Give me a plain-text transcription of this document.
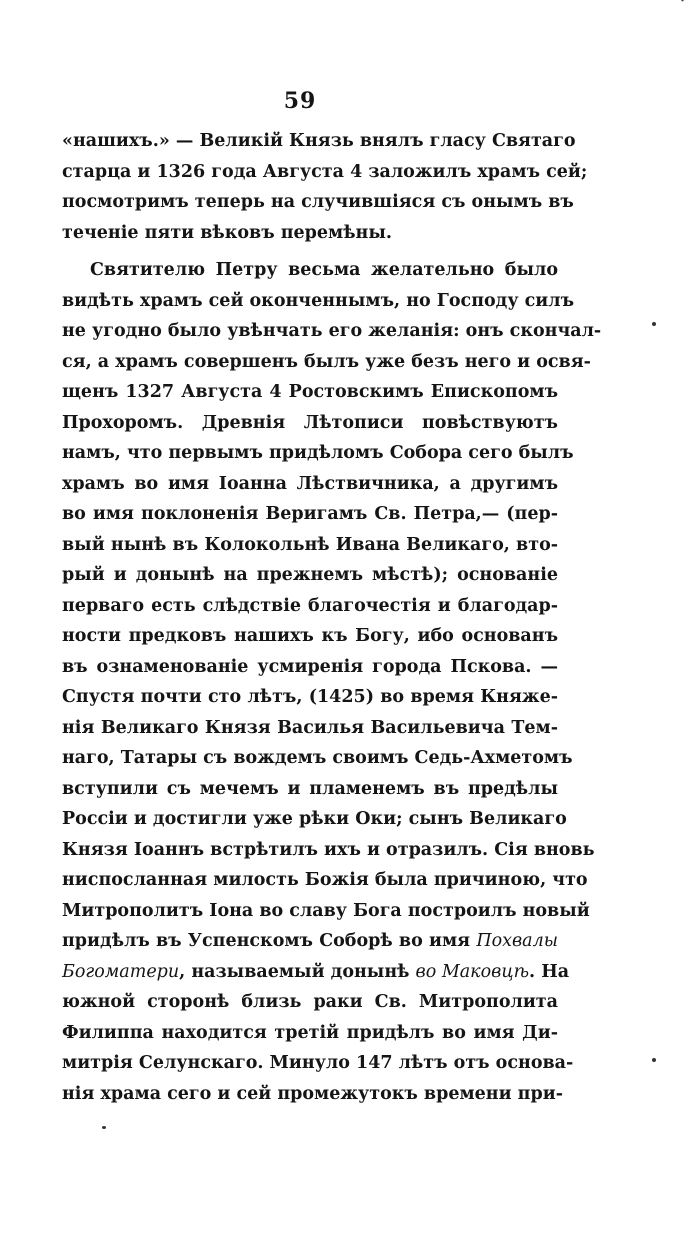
59
«нашихъ.» — Великій Князь внялъ гласу Святаго
старца и 1326 года Августа 4 заложилъ храмъ сей;
посмотримъ теперь на случившіяся съ онымъ въ
теченіе пяти вѣковъ перемѣны.
Святителю Петру весьма желательно было
видѣть храмъ сей оконченнымъ, но Господу силъ
не угодно было увѣнчать его желанія: онъ скончал-
ся, а храмъ совершенъ былъ уже безъ него и освя-
щенъ 1327 Августа 4 Ростовскимъ Епископомъ
Прохоромъ. Древнія Лѣтописи повѣствуютъ
намъ, что первымъ придѣломъ Собора сего былъ
храмъ во имя Іоанна Лѣствичника, а другимъ
во имя поклоненія Веригамъ Св. Петра,— (пер-
вый нынѣ въ Колокольнѣ Ивана Великаго, вто-
рый и донынѣ на прежнемъ мѣстѣ); основаніе
перваго есть слѣдствіе благочестія и благодар-
ности предковъ нашихъ къ Богу, ибо основанъ
въ ознаменованіе усмиренія города Пскова. —
Спустя почти сто лѣтъ, (1425) во время Княже-
нія Великаго Князя Василья Васильевича Тем-
наго, Татары съ вождемъ своимъ Седь-Ахметомъ
вступили съ мечемъ и пламенемъ въ предѣлы
Россіи и достигли уже рѣки Оки; сынъ Великаго
Князя Іоаннъ встрѣтилъ ихъ и отразилъ. Сія вновь
ниспосланная милость Божія была причиною, что
Митрополитъ Іона во славу Бога построилъ новый
придѣлъ въ Успенскомъ Соборѣ во имя Похвалы
Богоматери, называемый донынѣ во Маковцѣ. На
южной сторонѣ близь раки Св. Митрополита
Филиппа находится третій придѣлъ во имя Ди-
митрія Селунскаго. Минуло 147 лѣтъ отъ основа-
нія храма сего и сей промежутокъ времени при-
